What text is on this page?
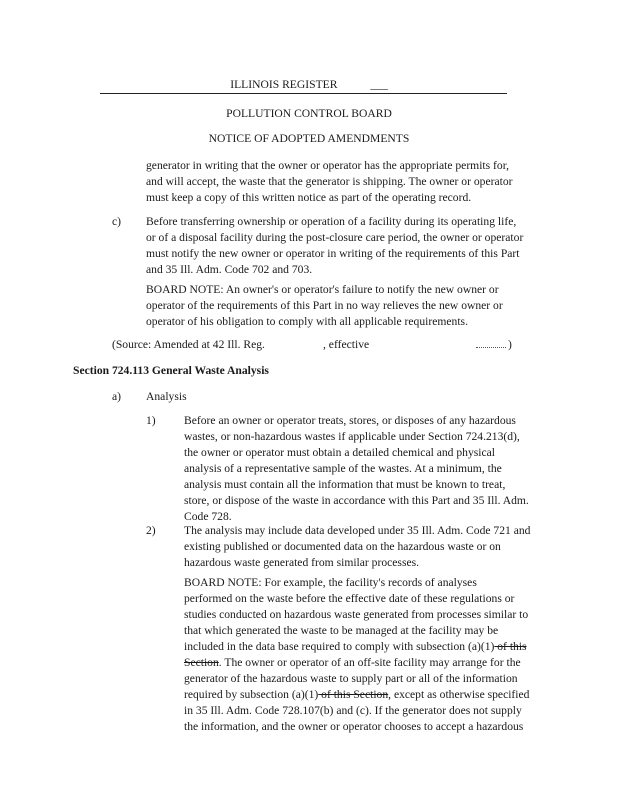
ILLINOIS REGISTER	___
POLLUTION CONTROL BOARD
NOTICE OF ADOPTED AMENDMENTS

generator in writing that the owner or operator has the appropriate permits for,

and will accept, the waste that the generator is shipping. The owner or operator

must keep a copy of this written notice as part of the operating record.

c) Before transferring ownership or operation of a facility during its operating life,

or of a disposal facility during the post-closure care period, the owner or operator

must notify the new owner or operator in writing of the requirements of this Part

and 35 Ill. Adm. Code 702 and 703.

BOARD NOTE: An owner's or operator's failure to notify the new owner or

operator of the requirements of this Part in no way relieves the new owner or

operator of his obligation to comply with all applicable requirements.

(Source: Amended at 42 Ill. Reg.	, effective	)
Section 724.113 General Waste Analysis
a) Analysis
1) Before an owner or operator treats, stores, or disposes of any hazardous

wastes, or non-hazardous wastes if applicable under Section 724.213(d),

the owner or operator must obtain a detailed chemical and physical

analysis of a representative sample of the wastes. At a minimum, the

analysis must contain all the information that must be known to treat,

store, or dispose of the waste in accordance with this Part and 35 Ill. Adm.

Code 728.

2) The analysis may include data developed under 35 Ill. Adm. Code 721 and

existing published or documented data on the hazardous waste or on

hazardous waste generated from similar processes.

BOARD NOTE: For example, the facility's records of analyses

performed on the waste before the effective date of these regulations or

studies conducted on hazardous waste generated from processes similar to

that which generated the waste to be managed at the facility may be

included in the data base required to comply with subsection (a)(1) of this

Section. The owner or operator of an off-site facility may arrange for the

generator of the hazardous waste to supply part or all of the information

required by subsection (a)(1) of this Section, except as otherwise specified

in 35 Ill. Adm. Code 728.107(b) and (c). If the generator does not supply

the information, and the owner or operator chooses to accept a hazardous
